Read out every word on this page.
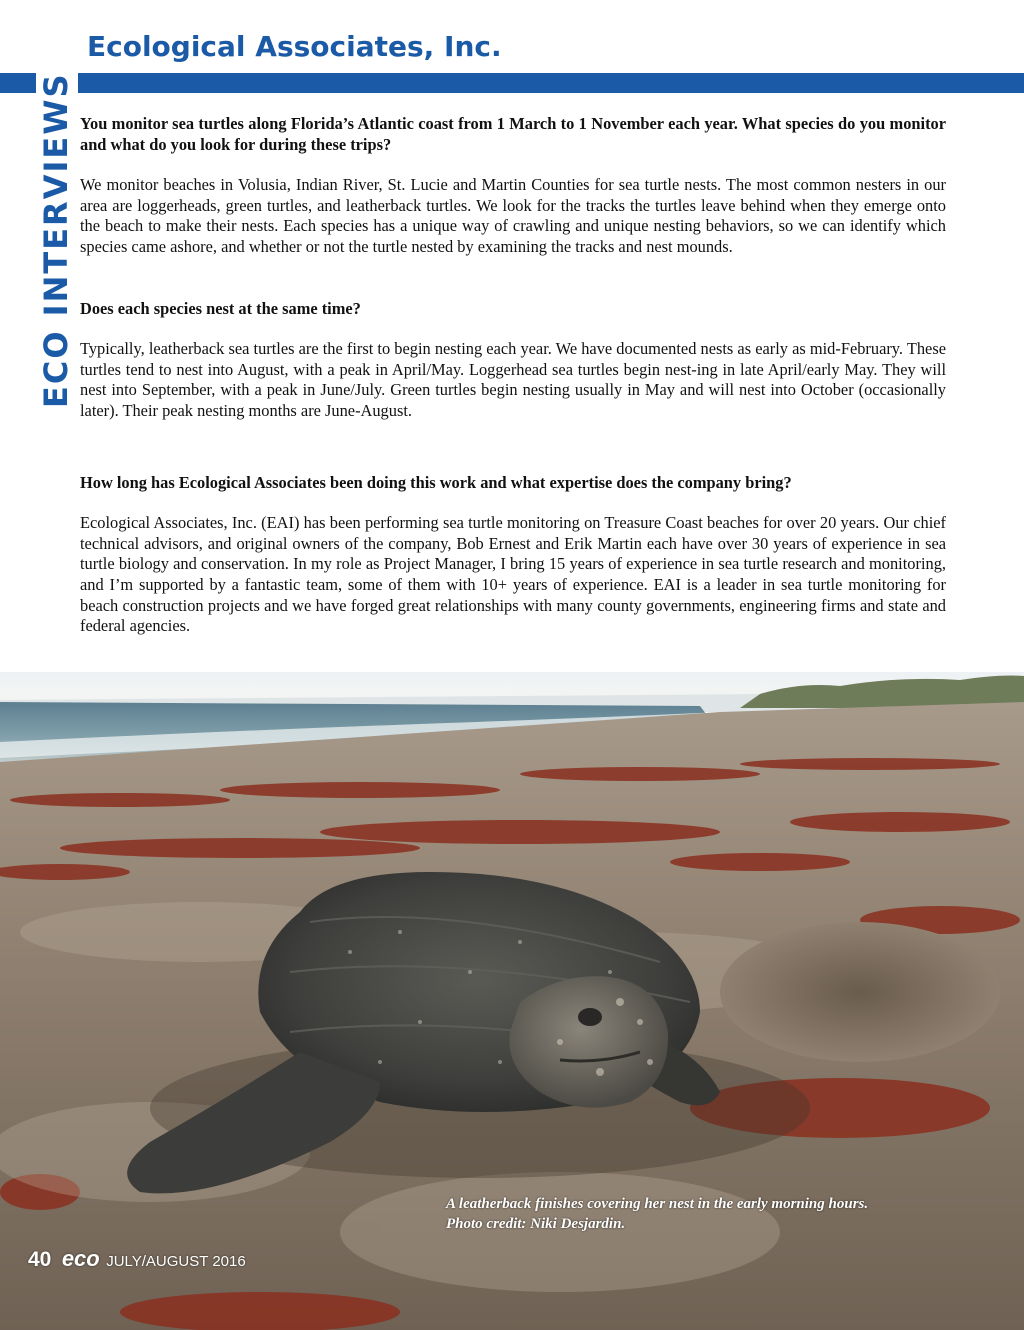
ECO INTERVIEWS
Ecological Associates, Inc.

You monitor sea turtles along Florida’s Atlantic coast from 1 March to 1 November each year. What species do you monitor and what do you look for during these trips?

We monitor beaches in Volusia, Indian River, St. Lucie and Martin Counties for sea turtle nests. The most common nesters in our area are loggerheads, green turtles, and leatherback turtles. We look for the tracks the turtles leave behind when they emerge onto the beach to make their nests. Each species has a unique way of crawling and unique nesting behaviors, so we can identify which species came ashore, and whether or not the turtle nested by examining the tracks and nest mounds.

Does each species nest at the same time?

Typically, leatherback sea turtles are the first to begin nesting each year. We have documented nests as early as mid-February. These turtles tend to nest into August, with a peak in April/May. Loggerhead sea turtles begin nest-ing in late April/early May. They will nest into September, with a peak in June/July. Green turtles begin nesting usually in May and will nest into October (occasionally later). Their peak nesting months are June-August.

How long has Ecological Associates been doing this work and what expertise does the company bring?

Ecological Associates, Inc. (EAI) has been performing sea turtle monitoring on Treasure Coast beaches for over 20 years. Our chief technical advisors, and original owners of the company, Bob Ernest and Erik Martin each have over 30 years of experience in sea turtle biology and conservation. In my role as Project Manager, I bring 15 years of experience in sea turtle research and monitoring, and I’m supported by a fantastic team, some of them with 10+ years of experience. EAI is a leader in sea turtle monitoring for beach construction projects and we have forged great relationships with many county governments, engineering firms and state and federal agencies.

A leatherback finishes covering her nest in the early morning hours.
Photo credit: Niki Desjardin.
40 eco JULY/AUGUST 2016
